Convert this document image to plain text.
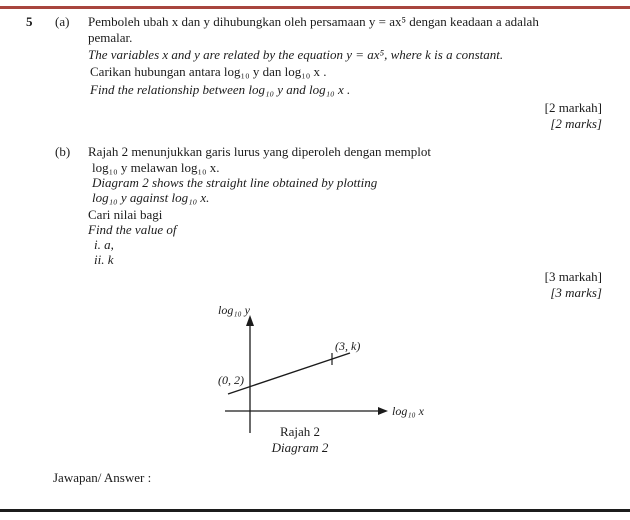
5 (a) Pemboleh ubah x dan y dihubungkan oleh persamaan y = ax⁵ dengan keadaan a adalah
pemalar.
The variables x and y are related by the equation y = ax⁵, where k is a constant.
Carikan hubungan antara log₁₀ y dan log₁₀ x .
Find the relationship between log₁₀ y and log₁₀ x .
[2 markah]
[2 marks]
(b) Rajah 2 menunjukkan garis lurus yang diperoleh dengan memplot
log₁₀ y melawan log₁₀ x.
Diagram 2 shows the straight line obtained by plotting
log₁₀ y against log₁₀ x.
Cari nilai bagi
Find the value of
i. a,
ii. k
[3 markah]
[3 marks]
log₁₀ y
log₁₀ x
(0, 2)
(3, k)
Rajah 2
Diagram 2
Jawapan/ Answer :
